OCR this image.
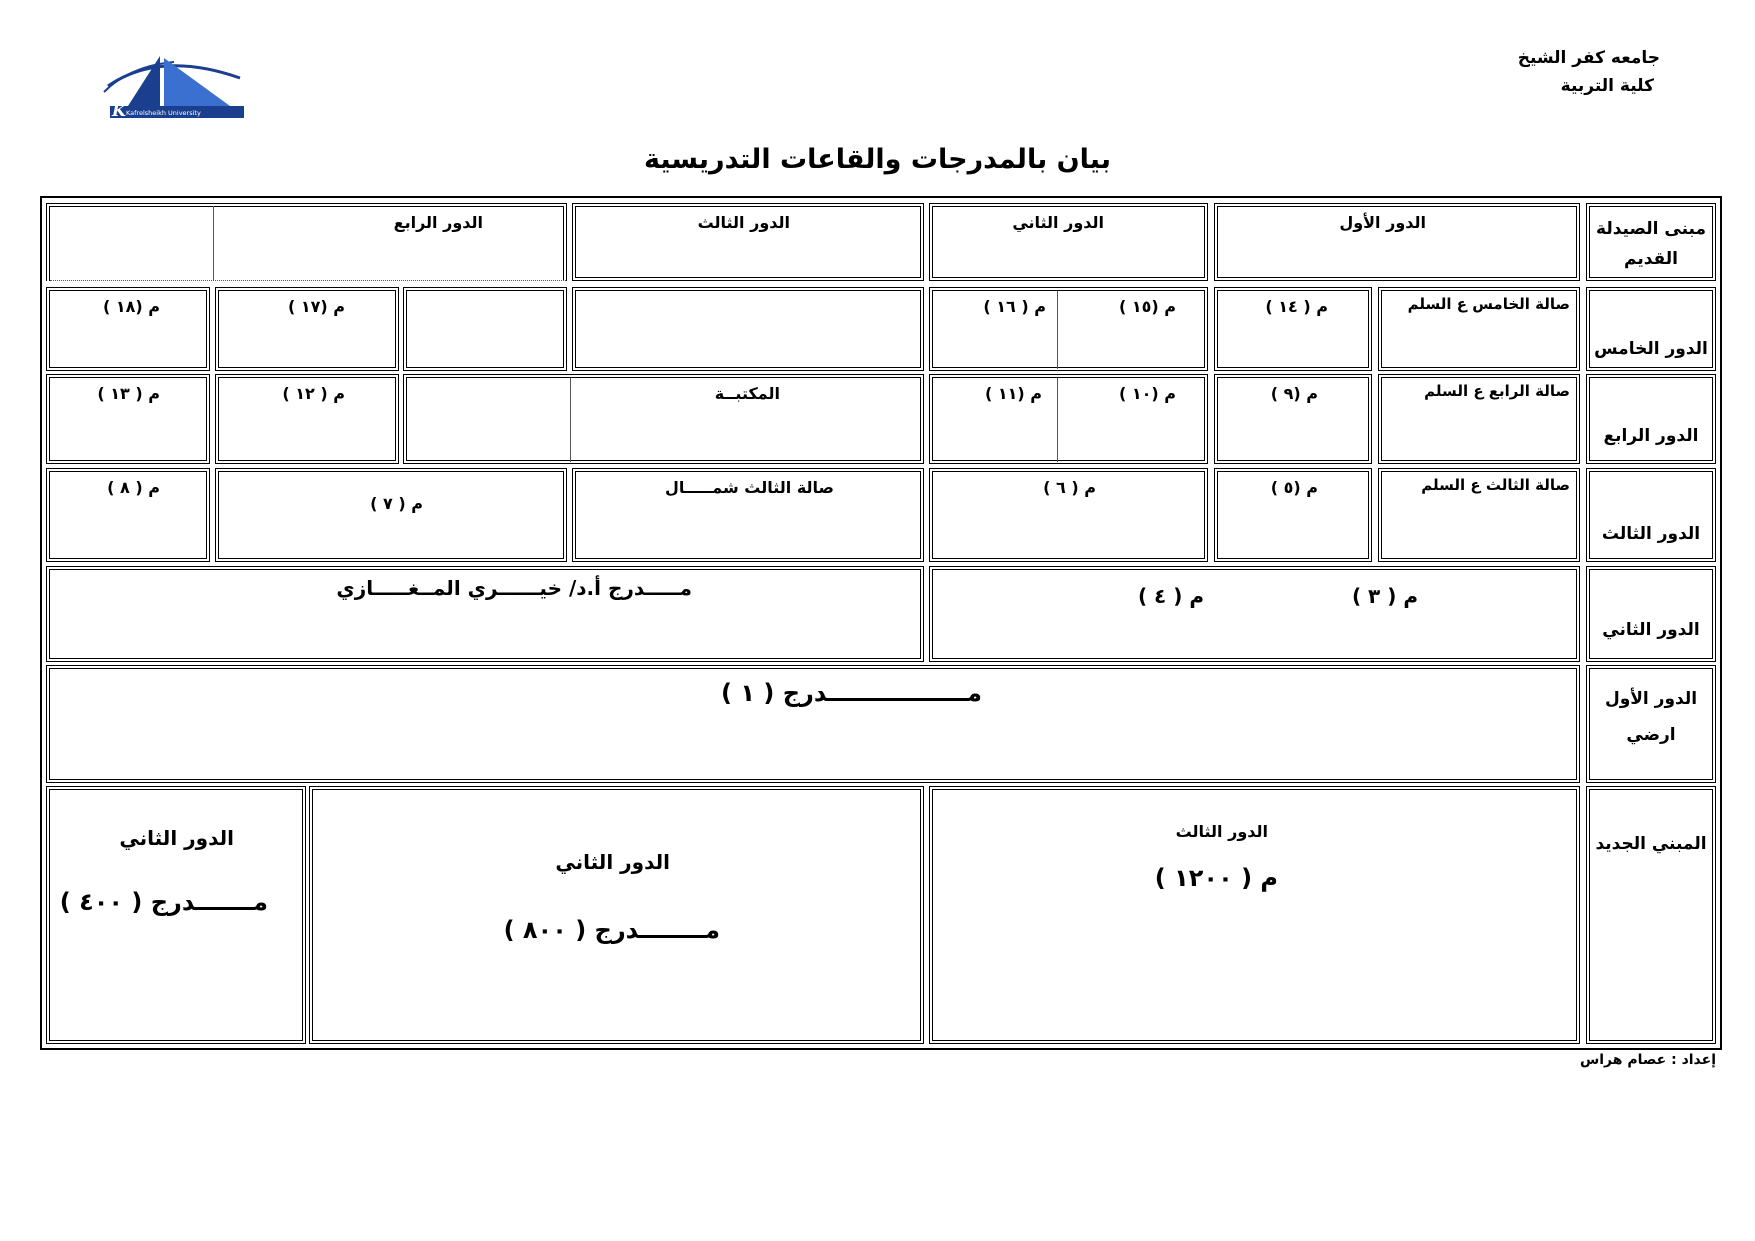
جامعه كفر الشيخ
كلية التربية
K Kafrelsheikh University
بيان بالمدرجات والقاعات التدريسية
مبنى الصيدلة
القديم
الدور الأول
الدور الثاني
الدور الثالث
الدور الرابع
الدور الخامس
صالة الخامس ع السلم
م ( ١٤ )
م (١٥ )
م ( ١٦ )
م (١٧ )
م (١٨ )
الدور الرابع
صالة الرابع ع السلم
م (٩ )
م (١٠ )
م (١١ )
المكتبــة
م ( ١٢ )
م ( ١٣ )
الدور الثالث
صالة الثالث ع السلم
م (٥ )
م ( ٦ )
صالة الثالث شمـــــال
م ( ٧ )
م ( ٨ )
الدور الثاني
م ( ٣ )
م ( ٤ )
مـــــدرج أ.د/ خيــــــري المــغـــــازي
الدور الأول
ارضي
مـــــــــــــــــدرج ( ١ )
المبني الجديد
الدور الثالث
م ( ١٢٠٠ )
الدور الثاني
مــــــــدرج ( ٨٠٠ )
الدور الثاني
مـــــــدرج ( ٤٠٠ )
إعداد : عصام هراس
